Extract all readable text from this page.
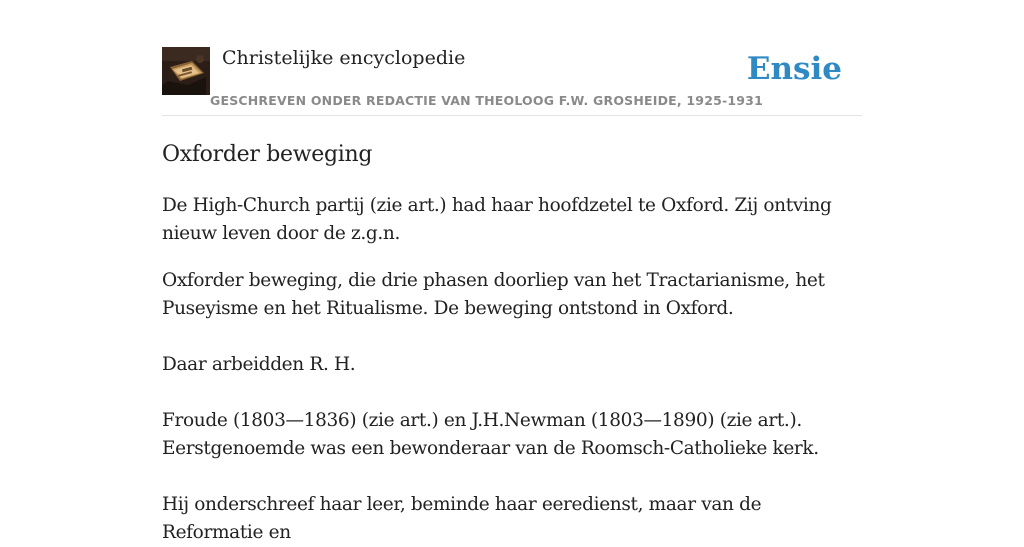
Christelijke encyclopedie
GESCHREVEN ONDER REDACTIE VAN THEOLOOG F.W. GROSHEIDE, 1925-1931
Ensie
Oxforder beweging

De High-Church partij (zie art.) had haar hoofdzetel te Oxford. Zij ontving nieuw leven door de z.g.n.

Oxforder beweging, die drie phasen doorliep van het Tractarianisme, het Puseyisme en het Ritualisme. De beweging ontstond in Oxford.

Daar arbeidden R. H.

Froude (1803—1836) (zie art.) en J.H.Newman (1803—1890) (zie art.). Eerstgenoemde was een bewonderaar van de Roomsch-Catholieke kerk.

Hij onderschreef haar leer, beminde haar eeredienst, maar van de Reformatie en
